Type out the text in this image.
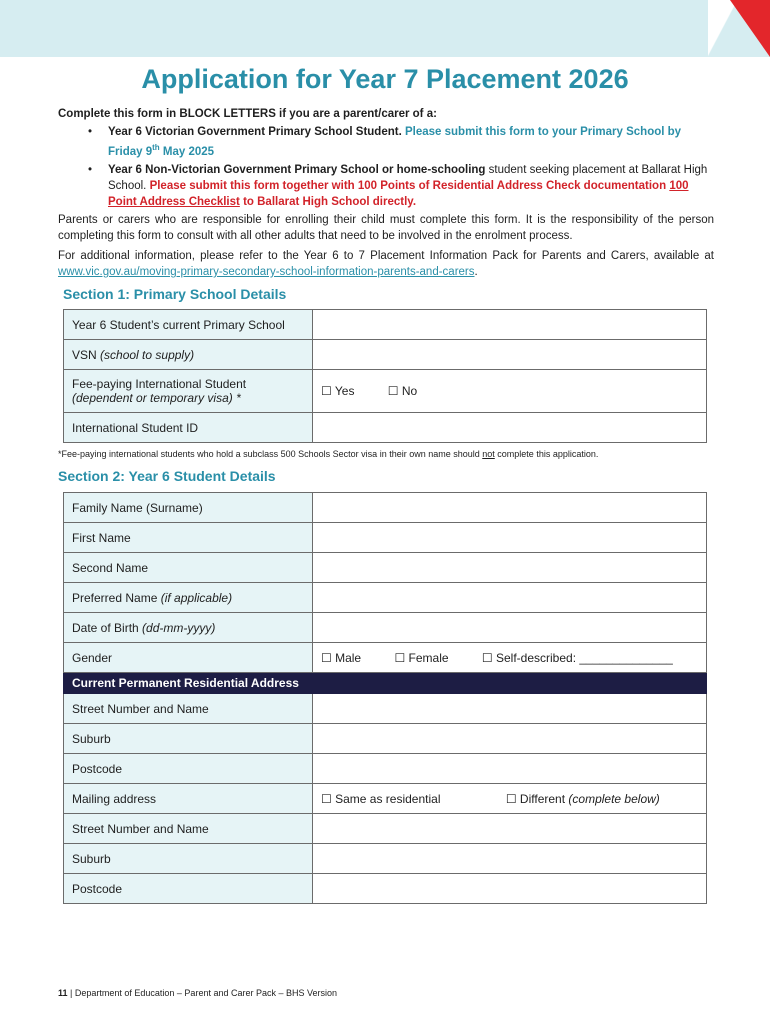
Application for Year 7 Placement 2026

Complete this form in BLOCK LETTERS if you are a parent/carer of a:

• Year 6 Victorian Government Primary School Student. Please submit this form to your Primary School by Friday 9th May 2025
• Year 6 Non-Victorian Government Primary School or home-schooling student seeking placement at Ballarat High School. Please submit this form together with 100 Points of Residential Address Check documentation 100 Point Address Checklist to Ballarat High School directly.

Parents or carers who are responsible for enrolling their child must complete this form. It is the responsibility of the person completing this form to consult with all other adults that need to be involved in the enrolment process.

For additional information, please refer to the Year 6 to 7 Placement Information Pack for Parents and Carers, available at www.vic.gov.au/moving-primary-secondary-school-information-parents-and-carers.

Section 1: Primary School Details
Year 6 Student’s current Primary School	
VSN (school to supply)	
Fee-paying International Student
(dependent or temporary visa) *	☐ Yes ☐ No
International Student ID	
*Fee-paying international students who hold a subclass 500 Schools Sector visa in their own name should not complete this application.
Section 2: Year 6 Student Details
Family Name (Surname)	
First Name	
Second Name	
Preferred Name (if applicable)	
Date of Birth (dd-mm-yyyy)	
Gender	☐ Male ☐ Female ☐ Self-described: ______________
Current Permanent Residential Address	
Street Number and Name	
Suburb	
Postcode	
Mailing address	☐ Same as residential ☐ Different (complete below)
Street Number and Name	
Suburb	
Postcode	
11 | Department of Education – Parent and Carer Pack – BHS Version
